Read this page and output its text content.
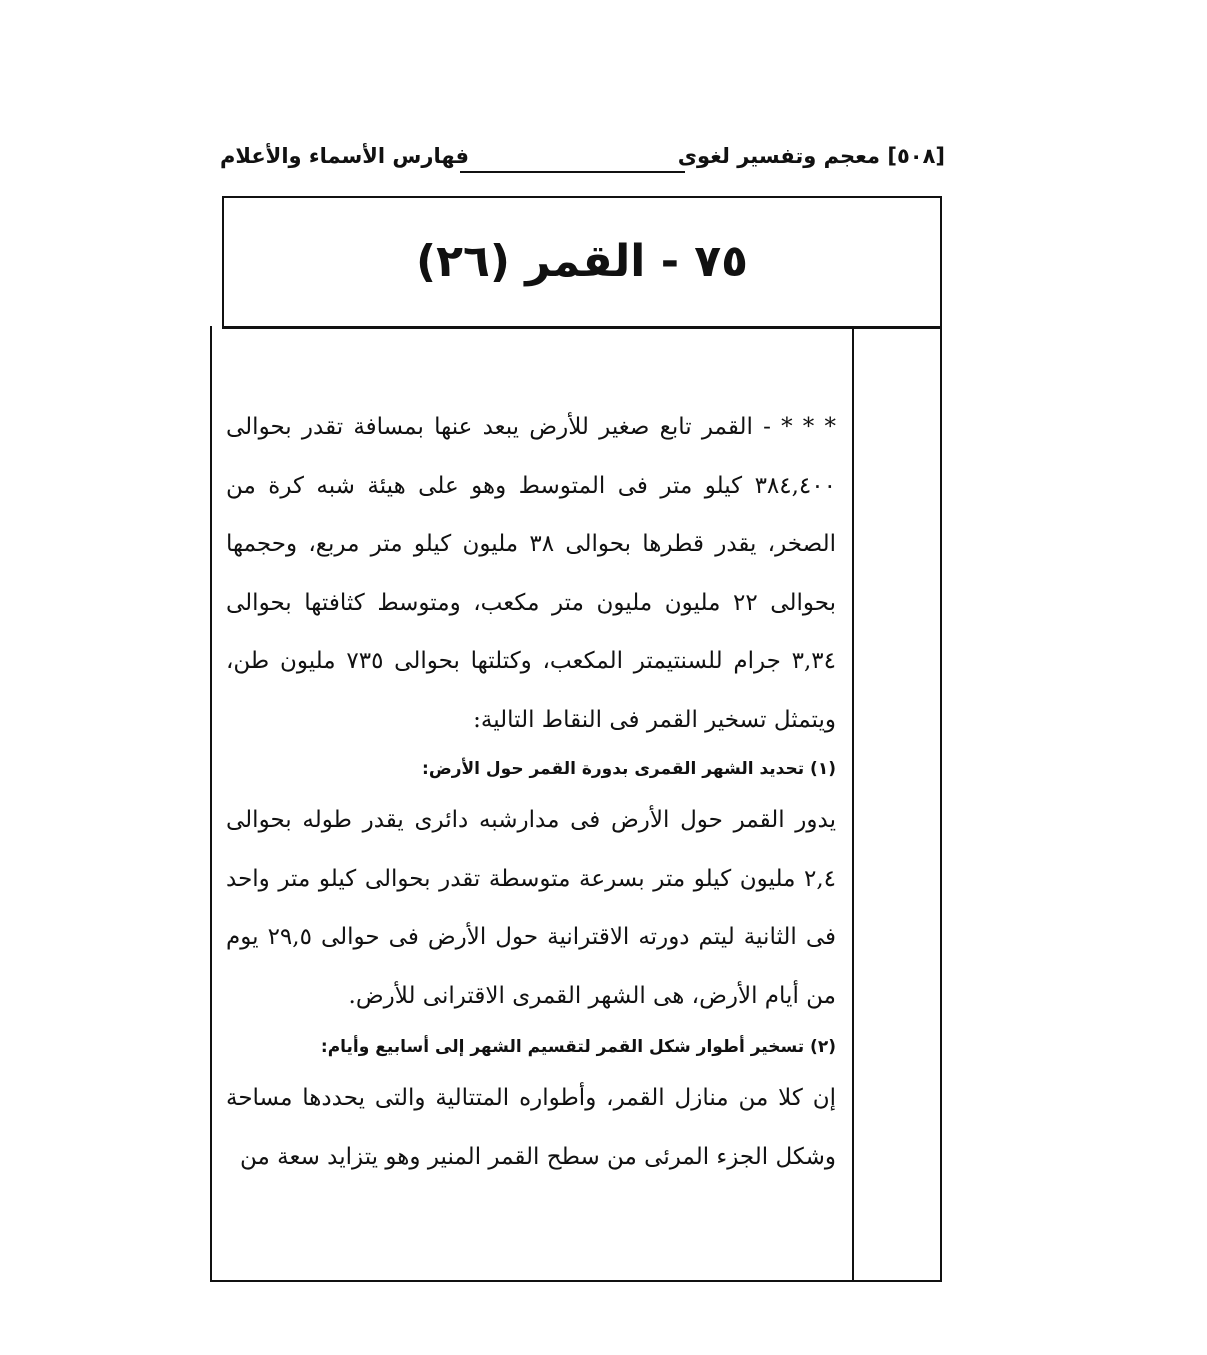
[٥٠٨] معجم وتفسير لغوى
فهارس الأسماء والأعلام
٧٥ - القمر (٢٦)

* * * - القمر تابع صغير للأرض يبعد عنها بمسافة تقدر بحوالى ٣٨٤,٤٠٠ كيلو متر فى المتوسط وهو على هيئة شبه كرة من الصخر، يقدر قطرها بحوالى ٣٨ مليون كيلو متر مربع، وحجمها بحوالى ٢٢ مليون مليون متر مكعب، ومتوسط كثافتها بحوالى ٣,٣٤ جرام للسنتيمتر المكعب، وكتلتها بحوالى ٧٣٥ مليون طن، ويتمثل تسخير القمر فى النقاط التالية:

(١) تحديد الشهر القمرى بدورة القمر حول الأرض:

يدور القمر حول الأرض فى مدارشبه دائرى يقدر طوله بحوالى ٢,٤ مليون كيلو متر بسرعة متوسطة تقدر بحوالى كيلو متر واحد فى الثانية ليتم دورته الاقترانية حول الأرض فى حوالى ٢٩,٥ يوم من أيام الأرض، هى الشهر القمرى الاقترانى للأرض.

(٢) تسخير أطوار شكل القمر لتقسيم الشهر إلى أسابيع وأيام:

إن كلا من منازل القمر، وأطواره المتتالية والتى يحددها مساحة وشكل الجزء المرئى من سطح القمر المنير وهو يتزايد سعة من
